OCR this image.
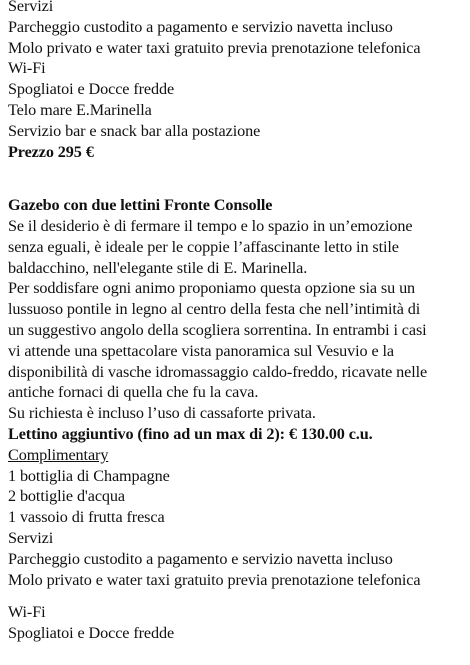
Servizi
Parcheggio custodito a pagamento e servizio navetta incluso
Molo privato e water taxi gratuito previa prenotazione telefonica
Wi-Fi
Spogliatoi e Docce fredde
Telo mare E.Marinella
Servizio bar e snack bar alla postazione
Prezzo 295 €
Gazebo con due lettini Fronte Consolle
Se il desiderio è di fermare il tempo e lo spazio in un’emozione
senza eguali, è ideale per le coppie l’affascinante letto in stile
baldacchino, nell'elegante stile di E. Marinella.
Per soddisfare ogni animo proponiamo questa opzione sia su un
lussuoso pontile in legno al centro della festa che nell’intimità di
un suggestivo angolo della scogliera sorrentina. In entrambi i casi
vi attende una spettacolare vista panoramica sul Vesuvio e la
disponibilità di vasche idromassaggio caldo-freddo, ricavate nelle
antiche fornaci di quella che fu la cava.
Su richiesta è incluso l’uso di cassaforte privata.
Lettino aggiuntivo (fino ad un max di 2): € 130.00 c.u.
Complimentary
1 bottiglia di Champagne
2 bottiglie d'acqua
1 vassoio di frutta fresca
Servizi
Parcheggio custodito a pagamento e servizio navetta incluso
Molo privato e water taxi gratuito previa prenotazione telefonica
Wi-Fi
Spogliatoi e Docce fredde
